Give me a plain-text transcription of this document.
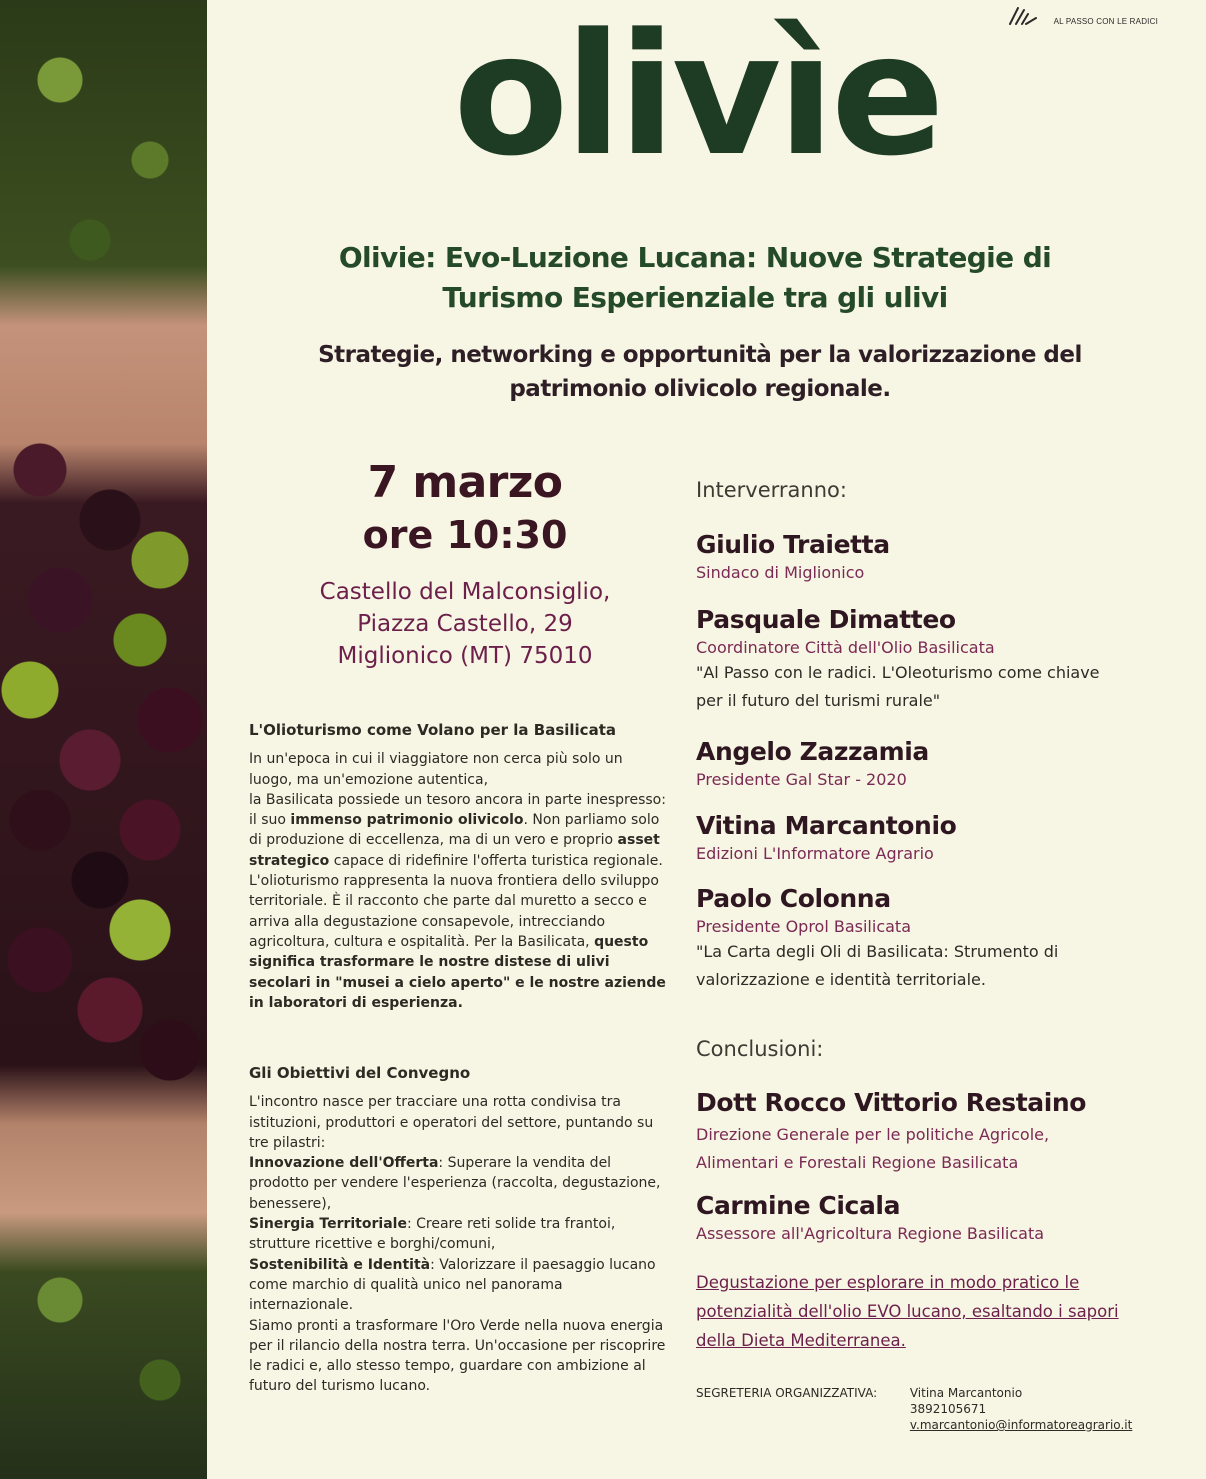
AL PASSO CON LE RADICI
olivìe
Olivie: Evo-Luzione Lucana: Nuove Strategie di
Turismo Esperienziale tra gli ulivi
Strategie, networking e opportunità per la valorizzazione del
patrimonio olivicolo regionale.
7 marzo
ore 10:30
Castello del Malconsiglio,
Piazza Castello, 29
Miglionico (MT) 75010
L'Olioturismo come Volano per la Basilicata

In un'epoca in cui il viaggiatore non cerca più solo un luogo, ma un'emozione autentica,
la Basilicata possiede un tesoro ancora in parte inespresso: il suo immenso patrimonio olivicolo. Non parliamo solo di produzione di eccellenza, ma di un vero e proprio asset strategico capace di ridefinire l'offerta turistica regionale. L'olioturismo rappresenta la nuova frontiera dello sviluppo territoriale. È il racconto che parte dal muretto a secco e arriva alla degustazione consapevole, intrecciando agricoltura, cultura e ospitalità. Per la Basilicata, questo significa trasformare le nostre distese di ulivi secolari in "musei a cielo aperto" e le nostre aziende in laboratori di esperienza.

Gli Obiettivi del Convegno

L'incontro nasce per tracciare una rotta condivisa tra istituzioni, produttori e operatori del settore, puntando su tre pilastri:
Innovazione dell'Offerta: Superare la vendita del prodotto per vendere l'esperienza (raccolta, degustazione, benessere),
Sinergia Territoriale: Creare reti solide tra frantoi, strutture ricettive e borghi/comuni,
Sostenibilità e Identità: Valorizzare il paesaggio lucano come marchio di qualità unico nel panorama internazionale.
Siamo pronti a trasformare l'Oro Verde nella nuova energia per il rilancio della nostra terra. Un'occasione per riscoprire le radici e, allo stesso tempo, guardare con ambizione al futuro del turismo lucano.

Interverranno:
Giulio Traietta
Sindaco di Miglionico
Pasquale Dimatteo
Coordinatore Città dell'Olio Basilicata
"Al Passo con le radici. L'Oleoturismo come chiave
per il futuro del turismi rurale"
Angelo Zazzamia
Presidente Gal Star - 2020
Vitina Marcantonio
Edizioni L'Informatore Agrario
Paolo Colonna
Presidente Oprol Basilicata
"La Carta degli Oli di Basilicata: Strumento di
valorizzazione e identità territoriale.
Conclusioni:
Dott Rocco Vittorio Restaino
Direzione Generale per le politiche Agricole,
Alimentari e Forestali Regione Basilicata
Carmine Cicala
Assessore all'Agricoltura Regione Basilicata
Degustazione per esplorare in modo pratico le
potenzialità dell'olio EVO lucano, esaltando i sapori
della Dieta Mediterranea.
SEGRETERIA ORGANIZZATIVA:	Vitina Marcantonio
3892105671
v.marcantonio@informatoreagrario.it
